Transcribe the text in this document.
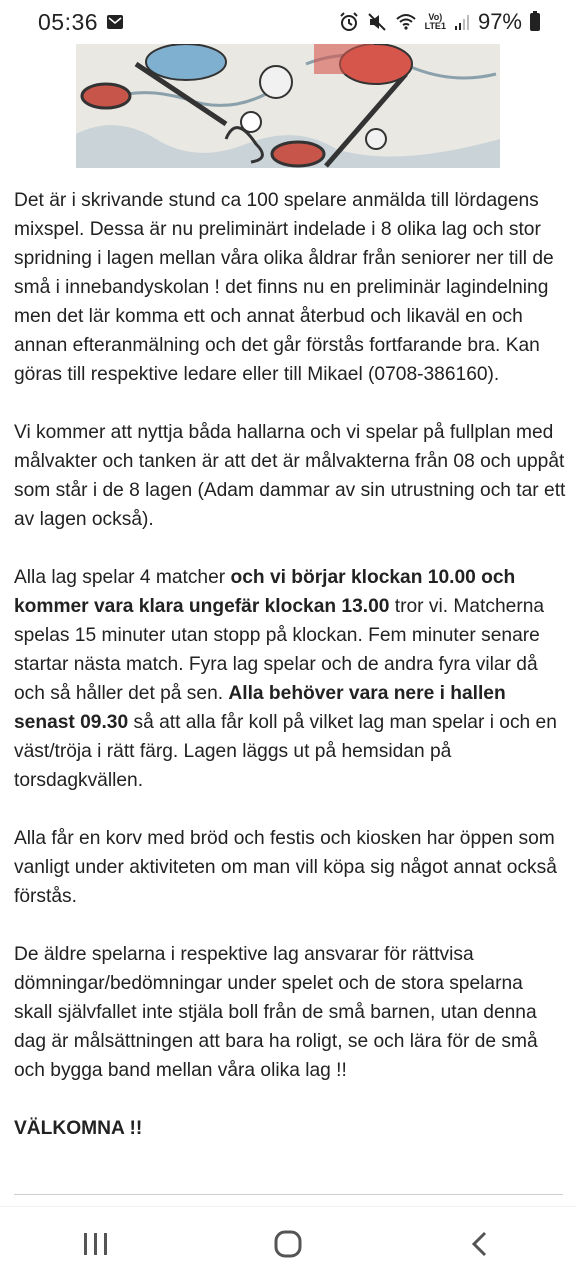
05:36	Vo)
LTE1 97%

Det är i skrivande stund ca 100 spelare anmälda till lördagens mixspel. Dessa är nu preliminärt indelade i 8 olika lag och stor spridning i lagen mellan våra olika åldrar från seniorer ner till de små i innebandyskolan ! det finns nu en preliminär lagindelning men det lär komma ett och annat återbud och likaväl en och annan efteranmälning och det går förstås fortfarande bra. Kan göras till respektive ledare eller till Mikael (0708-386160).

Vi kommer att nyttja båda hallarna och vi spelar på fullplan med målvakter och tanken är att det är målvakterna från 08 och uppåt som står i de 8 lagen (Adam dammar av sin utrustning och tar ett av lagen också).

Alla lag spelar 4 matcher och vi börjar klockan 10.00 och kommer vara klara ungefär klockan 13.00 tror vi. Matcherna spelas 15 minuter utan stopp på klockan. Fem minuter senare startar nästa match. Fyra lag spelar och de andra fyra vilar då och så håller det på sen. Alla behöver vara nere i hallen senast 09.30 så att alla får koll på vilket lag man spelar i och en väst/tröja i rätt färg. Lagen läggs ut på hemsidan på torsdagkvällen.

Alla får en korv med bröd och festis och kiosken har öppen som vanligt under aktiviteten om man vill köpa sig något annat också förstås.

De äldre spelarna i respektive lag ansvarar för rättvisa dömningar/bedömningar under spelet och de stora spelarna skall självfallet inte stjäla boll från de små barnen, utan denna dag är målsättningen att bara ha roligt, se och lära för de små och bygga band mellan våra olika lag !!

VÄLKOMNA !!
